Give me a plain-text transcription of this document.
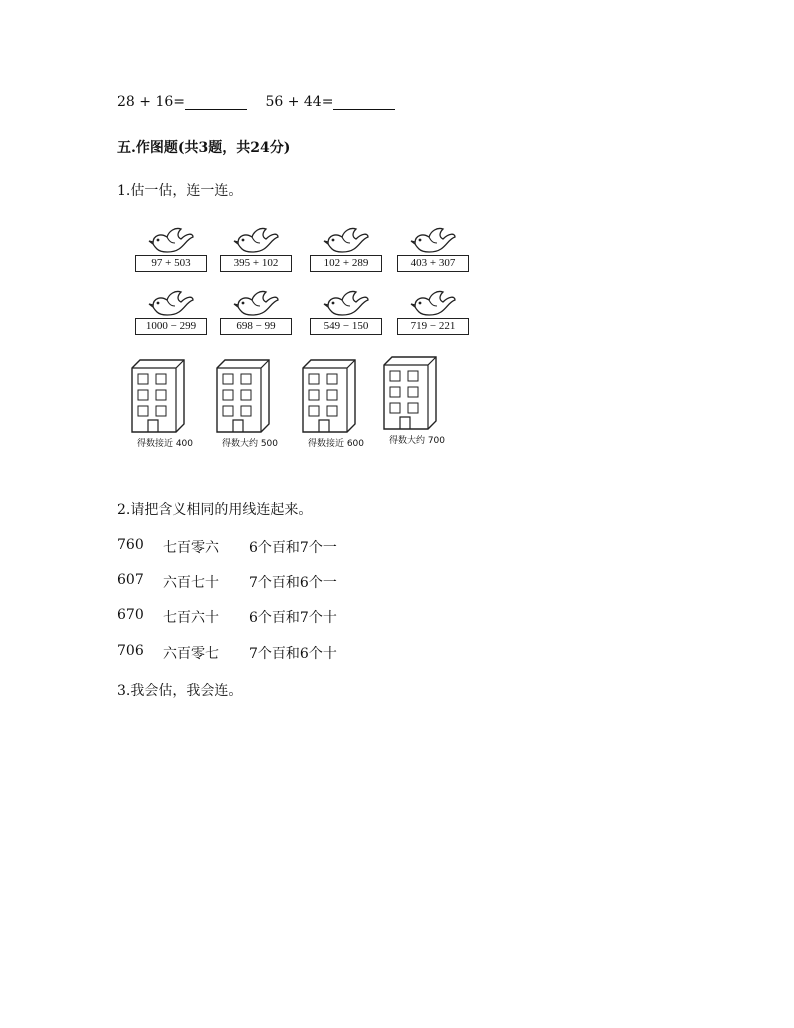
28 + 16=	56 + 44=
五.作图题(共3题，共24分)
1.估一估，连一连。
97 + 503	395 + 102	102 + 289	403 + 307
1000 − 299	698 − 99	549 − 150	719 − 221
得数接近 400	得数大约 500	得数接近 600	得数大约 700
2.请把含义相同的用线连起来。
760 七百零六 6个百和7个一
607 六百七十 7个百和6个一
670 七百六十 6个百和7个十
706 六百零七 7个百和6个十
3.我会估，我会连。
